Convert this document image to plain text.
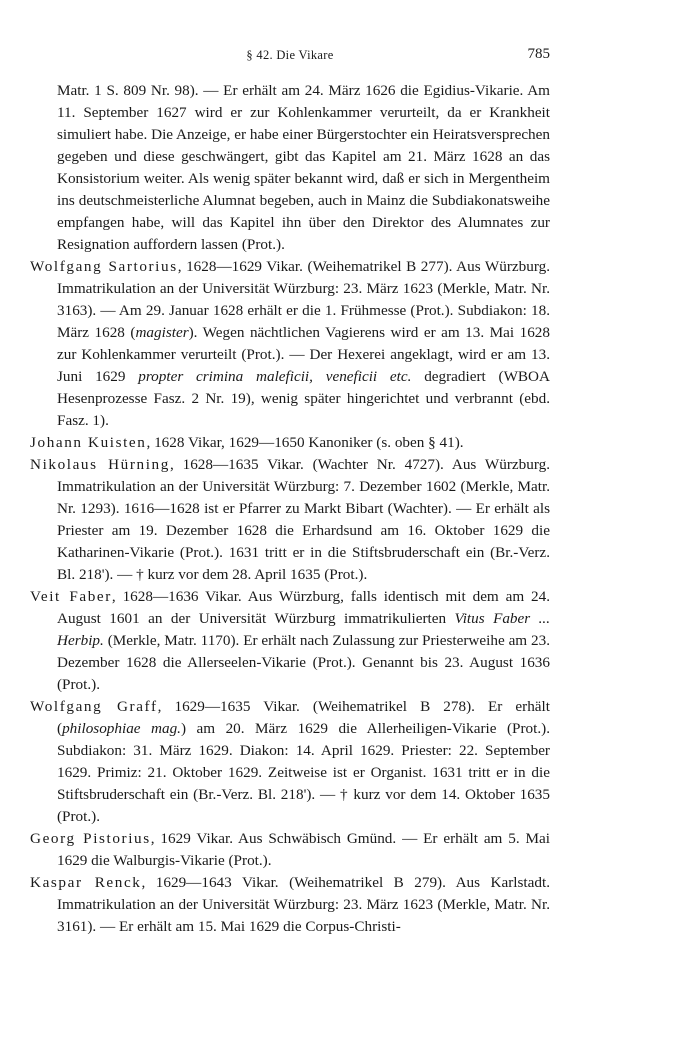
§ 42. Die Vikare	785

Matr. 1 S. 809 Nr. 98). — Er erhält am 24. März 1626 die Egidius-Vikarie. Am 11. September 1627 wird er zur Kohlenkammer verurteilt, da er Krankheit simuliert habe. Die Anzeige, er habe einer Bürgerstochter ein Heiratsversprechen gegeben und diese geschwängert, gibt das Kapitel am 21. März 1628 an das Konsistorium weiter. Als wenig später bekannt wird, daß er sich in Mergentheim ins deutschmeisterliche Alumnat begeben, auch in Mainz die Subdiakonatsweihe empfangen habe, will das Kapitel ihn über den Direktor des Alumnates zur Resignation auffordern lassen (Prot.).

Wolfgang Sartorius, 1628—1629 Vikar. (Weihematrikel B 277). Aus Würzburg. Immatrikulation an der Universität Würzburg: 23. März 1623 (Merkle, Matr. Nr. 3163). — Am 29. Januar 1628 erhält er die 1. Frühmesse (Prot.). Subdiakon: 18. März 1628 (magister). Wegen nächtlichen Vagierens wird er am 13. Mai 1628 zur Kohlenkammer verurteilt (Prot.). — Der Hexerei angeklagt, wird er am 13. Juni 1629 propter crimina maleficii, veneficii etc. degradiert (WBOA Hesenprozesse Fasz. 2 Nr. 19), wenig später hingerichtet und verbrannt (ebd. Fasz. 1).

Johann Kuisten, 1628 Vikar, 1629—1650 Kanoniker (s. oben § 41).

Nikolaus Hürning, 1628—1635 Vikar. (Wachter Nr. 4727). Aus Würzburg. Immatrikulation an der Universität Würzburg: 7. Dezember 1602 (Merkle, Matr. Nr. 1293). 1616—1628 ist er Pfarrer zu Markt Bibart (Wachter). — Er erhält als Priester am 19. Dezember 1628 die Erhardsund am 16. Oktober 1629 die Katharinen-Vikarie (Prot.). 1631 tritt er in die Stiftsbruderschaft ein (Br.-Verz. Bl. 218'). — † kurz vor dem 28. April 1635 (Prot.).

Veit Faber, 1628—1636 Vikar. Aus Würzburg, falls identisch mit dem am 24. August 1601 an der Universität Würzburg immatrikulierten Vitus Faber ... Herbip. (Merkle, Matr. 1170). Er erhält nach Zulassung zur Priesterweihe am 23. Dezember 1628 die Allerseelen-Vikarie (Prot.). Genannt bis 23. August 1636 (Prot.).

Wolfgang Graff, 1629—1635 Vikar. (Weihematrikel B 278). Er erhält (philosophiae mag.) am 20. März 1629 die Allerheiligen-Vikarie (Prot.). Subdiakon: 31. März 1629. Diakon: 14. April 1629. Priester: 22. September 1629. Primiz: 21. Oktober 1629. Zeitweise ist er Organist. 1631 tritt er in die Stiftsbruderschaft ein (Br.-Verz. Bl. 218'). — † kurz vor dem 14. Oktober 1635 (Prot.).

Georg Pistorius, 1629 Vikar. Aus Schwäbisch Gmünd. — Er erhält am 5. Mai 1629 die Walburgis-Vikarie (Prot.).

Kaspar Renck, 1629—1643 Vikar. (Weihematrikel B 279). Aus Karlstadt. Immatrikulation an der Universität Würzburg: 23. März 1623 (Merkle, Matr. Nr. 3161). — Er erhält am 15. Mai 1629 die Corpus-Christi-
